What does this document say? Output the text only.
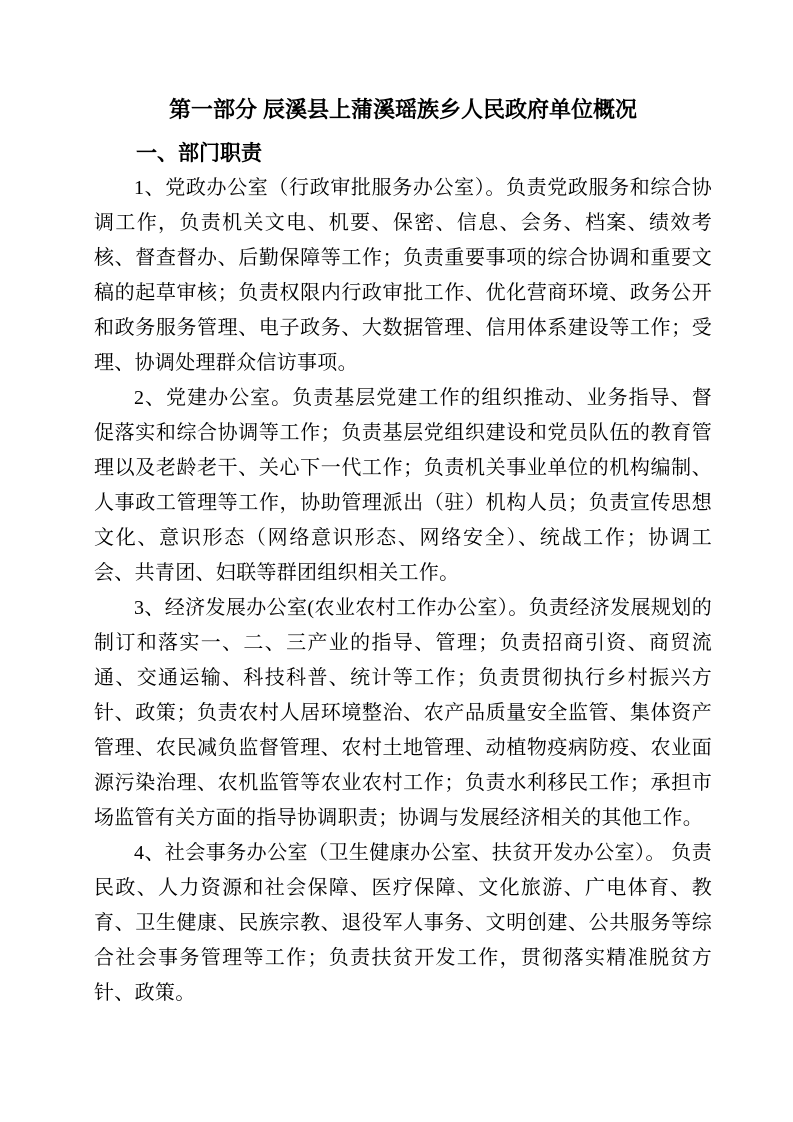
第一部分 辰溪县上蒲溪瑶族乡人民政府单位概况
一、部门职责

1、党政办公室（行政审批服务办公室）。负责党政服务和综合协调工作，负责机关文电、机要、保密、信息、会务、档案、绩效考核、督查督办、后勤保障等工作；负责重要事项的综合协调和重要文稿的起草审核；负责权限内行政审批工作、优化营商环境、政务公开和政务服务管理、电子政务、大数据管理、信用体系建设等工作；受理、协调处理群众信访事项。

2、党建办公室。负责基层党建工作的组织推动、业务指导、督促落实和综合协调等工作；负责基层党组织建设和党员队伍的教育管理以及老龄老干、关心下一代工作；负责机关事业单位的机构编制、人事政工管理等工作，协助管理派出（驻）机构人员；负责宣传思想文化、意识形态（网络意识形态、网络安全）、统战工作；协调工会、共青团、妇联等群团组织相关工作。

3、经济发展办公室(农业农村工作办公室）。负责经济发展规划的制订和落实一、二、三产业的指导、管理；负责招商引资、商贸流通、交通运输、科技科普、统计等工作；负责贯彻执行乡村振兴方针、政策；负责农村人居环境整治、农产品质量安全监管、集体资产管理、农民减负监督管理、农村土地管理、动植物疫病防疫、农业面源污染治理、农机监管等农业农村工作；负责水利移民工作；承担市场监管有关方面的指导协调职责；协调与发展经济相关的其他工作。

4、社会事务办公室（卫生健康办公室、扶贫开发办公室）。 负责民政、人力资源和社会保障、医疗保障、文化旅游、广电体育、教育、卫生健康、民族宗教、退役军人事务、文明创建、公共服务等综合社会事务管理等工作；负责扶贫开发工作，贯彻落实精准脱贫方针、政策。
